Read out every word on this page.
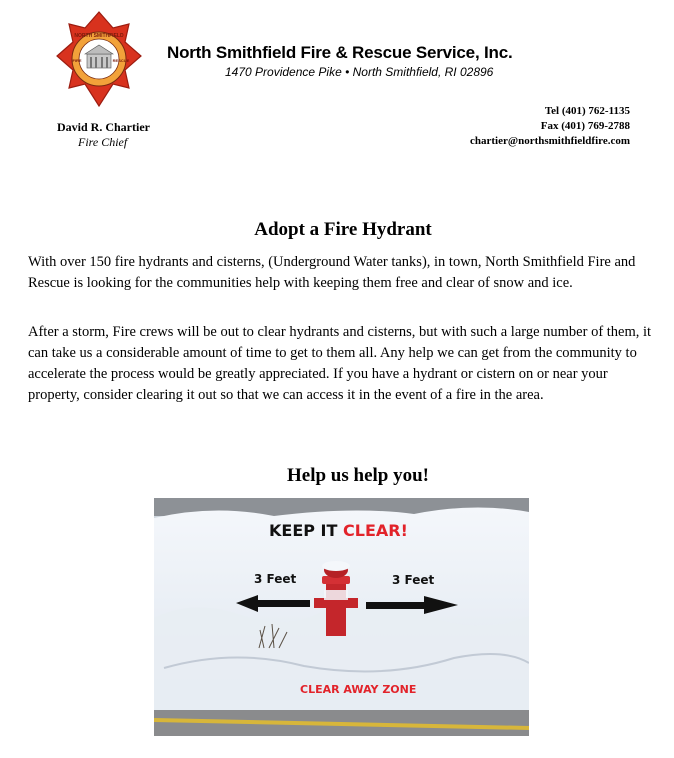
NORTH SMITHFIELD
FIRE	RESCUE North Smithfield Fire & Rescue Service, Inc.
1470 Providence Pike • North Smithfield, RI 02896
David R. Chartier
Fire Chief
Tel (401) 762-1135
Fax (401) 769-2788
chartier@northsmithfieldfire.com
Adopt a Fire Hydrant

With over 150 fire hydrants and cisterns, (Underground Water tanks), in town, North Smithfield Fire and Rescue is looking for the communities help with keeping them free and clear of snow and ice.

After a storm, Fire crews will be out to clear hydrants and cisterns, but with such a large number of them, it can take us a considerable amount of time to get to them all. Any help we can get from the community to accelerate the process would be greatly appreciated. If you have a hydrant or cistern on or near your property, consider clearing it out so that we can access it in the event of a fire in the area.

Help us help you!
KEEP IT CLEAR!
3 Feet	3 Feet
CLEAR AWAY ZONE
